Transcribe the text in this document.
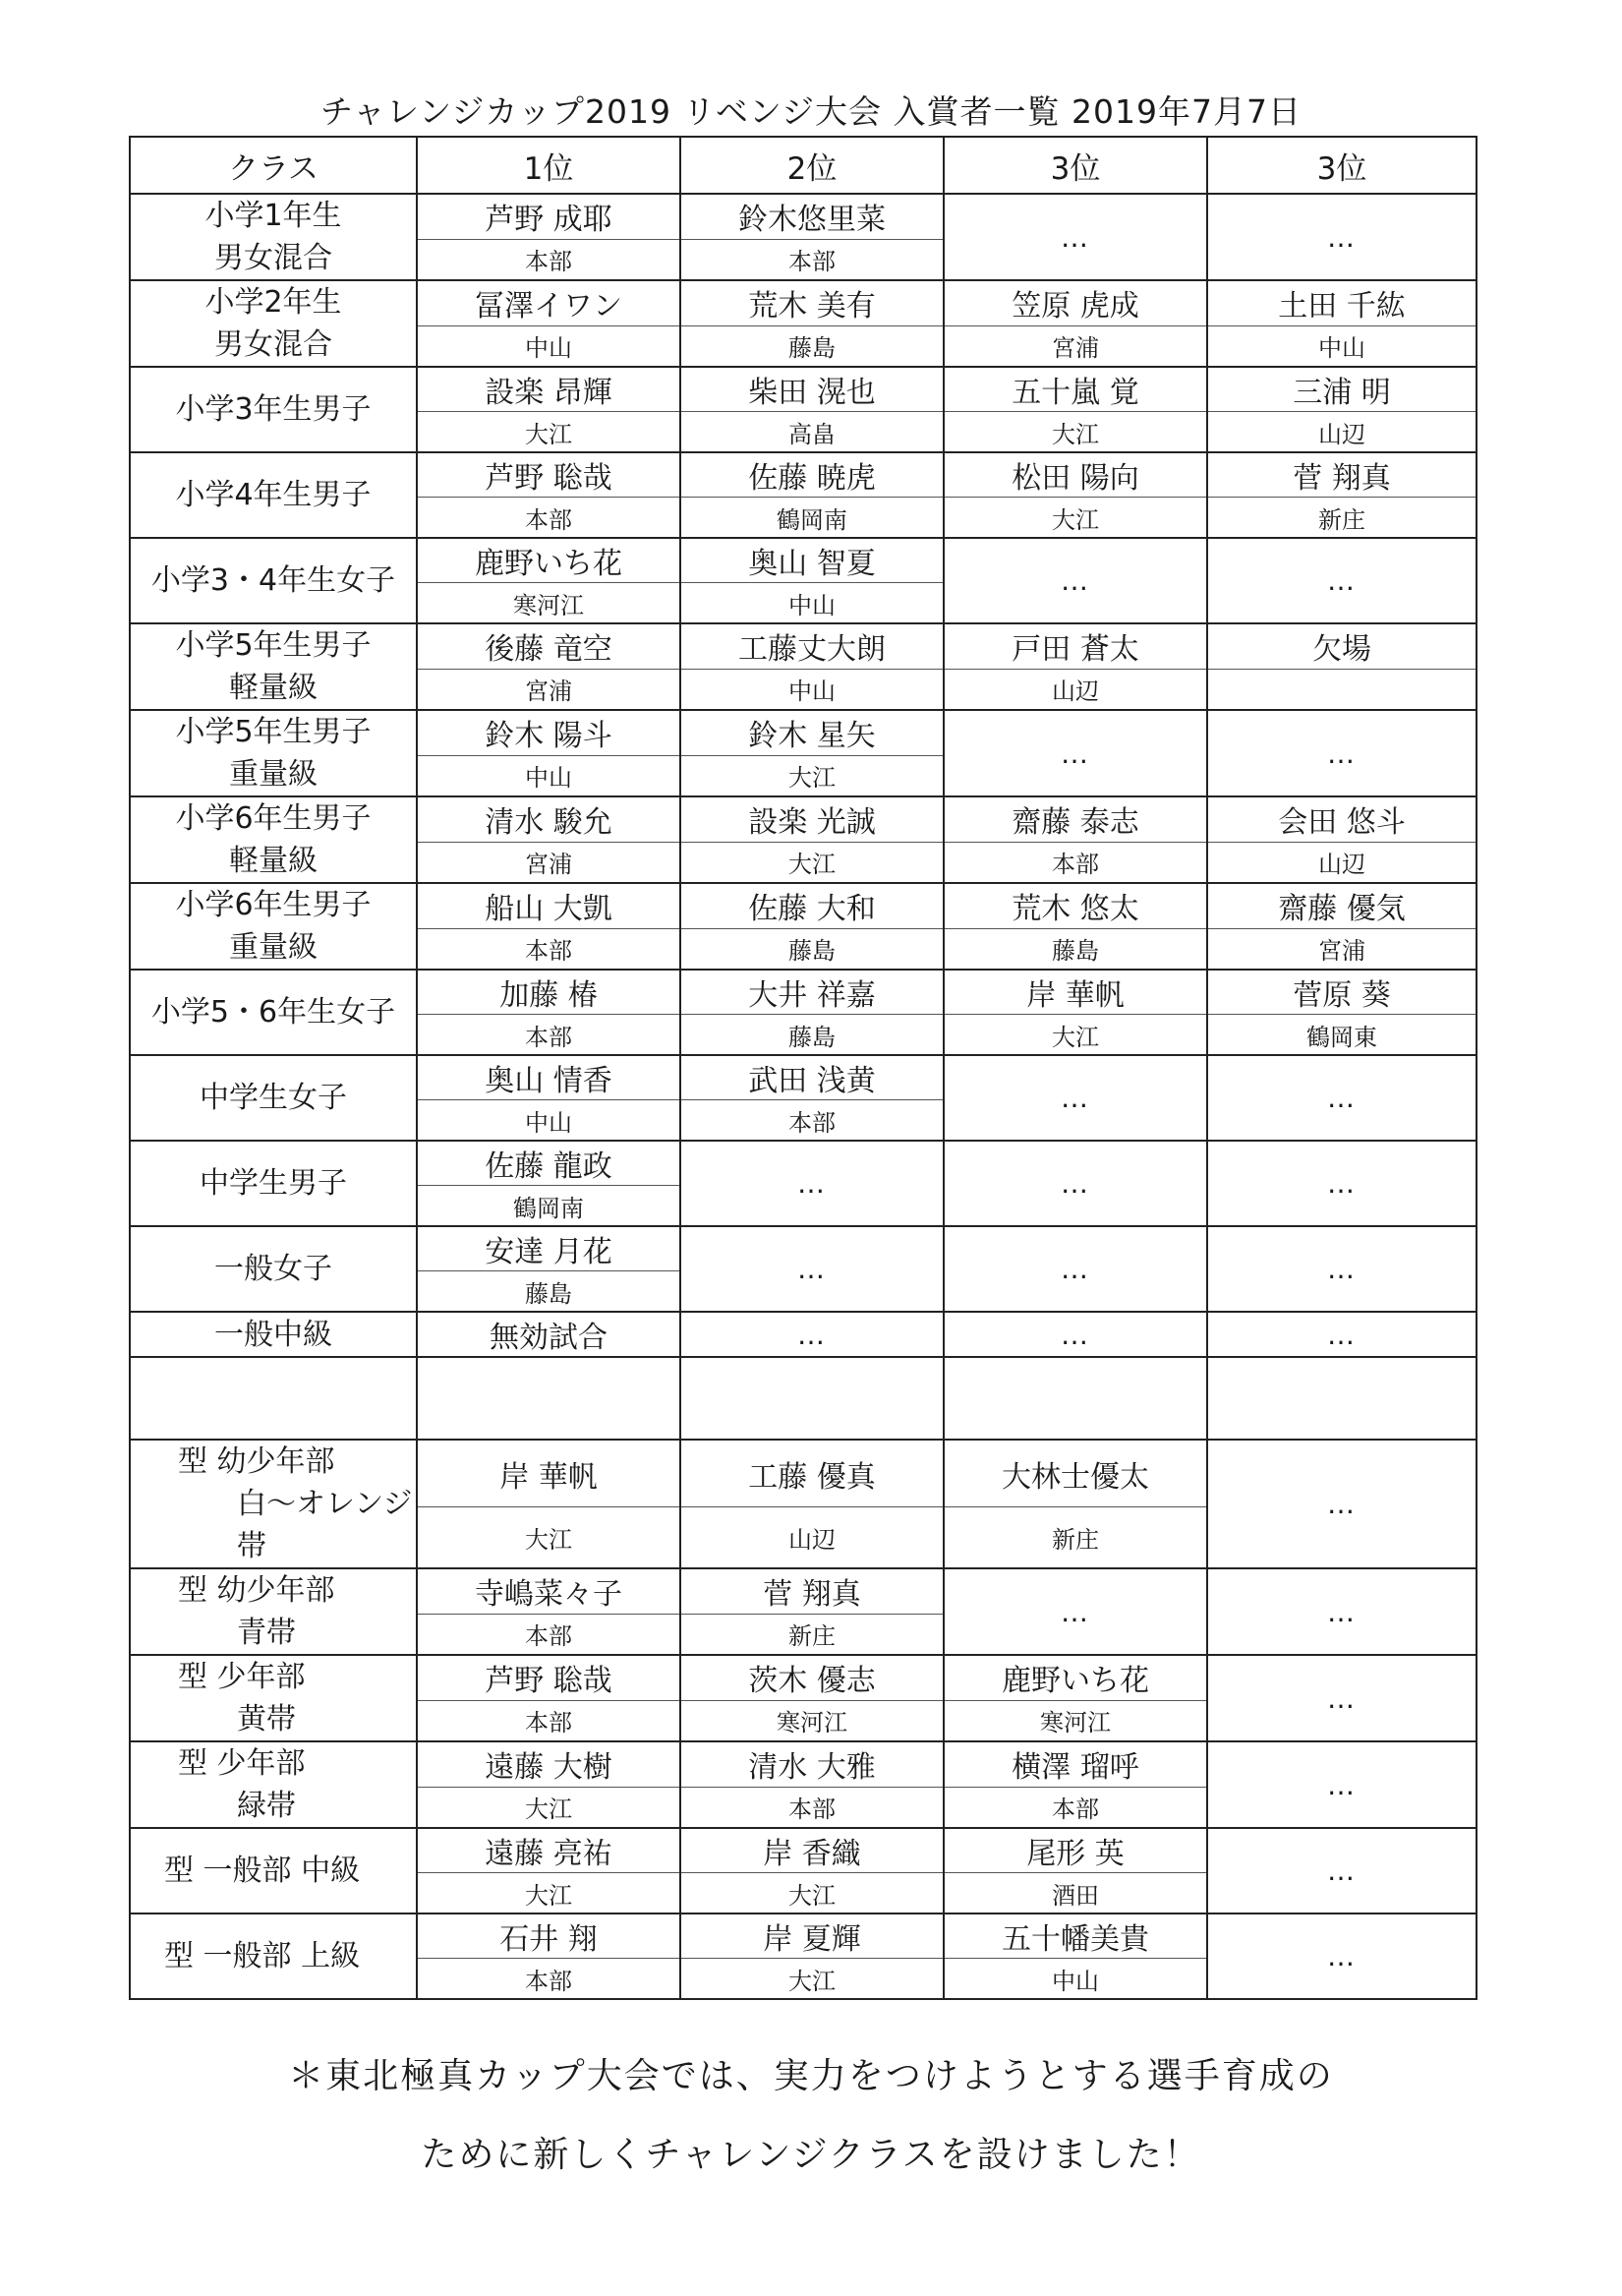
チャレンジカップ2019 リベンジ大会 入賞者一覧 2019年7月7日
クラス	1位	2位	3位	3位

小学1年生
男女混合	芦野 成耶	鈴木悠里菜	…	…
	本部	本部		

小学2年生
男女混合	冨澤イワン	荒木 美有	笠原 虎成	土田 千紘
	中山	藤島	宮浦	中山

小学3年生男子	設楽 昂輝	柴田 滉也	五十嵐 覚	三浦 明
	大江	高畠	大江	山辺

小学4年生男子	芦野 聡哉	佐藤 暁虎	松田 陽向	菅 翔真
	本部	鶴岡南	大江	新庄

小学3・4年生女子	鹿野いち花	奥山 智夏	…	…
	寒河江	中山		

小学5年生男子
軽量級	後藤 竜空	工藤丈大朗	戸田 蒼太	欠場
	宮浦	中山	山辺	

小学5年生男子
重量級	鈴木 陽斗	鈴木 星矢	…	…
	中山	大江		

小学6年生男子
軽量級	清水 駿允	設楽 光誠	齋藤 泰志	会田 悠斗
	宮浦	大江	本部	山辺

小学6年生男子
重量級	船山 大凱	佐藤 大和	荒木 悠太	齋藤 優気
	本部	藤島	藤島	宮浦

小学5・6年生女子	加藤 椿	大井 祥嘉	岸 華帆	菅原 葵
	本部	藤島	大江	鶴岡東

中学生女子	奥山 情香	武田 浅黄	…	…
	中山	本部		

中学生男子	佐藤 龍政	…	…	…
	鶴岡南			

一般女子	安達 月花	…	…	…
	藤島			

一般中級	無効試合	…	…	…

型 幼少年部
白～オレンジ帯	岸 華帆	工藤 優真	大林士優太	…
	大江	山辺	新庄	

型 幼少年部
青帯	寺嶋菜々子	菅 翔真	…	…
	本部	新庄		

型 少年部
黄帯	芦野 聡哉	茨木 優志	鹿野いち花	…
	本部	寒河江	寒河江	

型 少年部
緑帯	遠藤 大樹	清水 大雅	横澤 瑠呼	…
	大江	本部	本部	

型 一般部 中級	遠藤 亮祐	岸 香織	尾形 英	…
	大江	大江	酒田	

型 一般部 上級	石井 翔	岸 夏輝	五十幡美貴	…
	本部	大江	中山	
＊東北極真カップ大会では、実力をつけようとする選手育成の
ために新しくチャレンジクラスを設けました！
